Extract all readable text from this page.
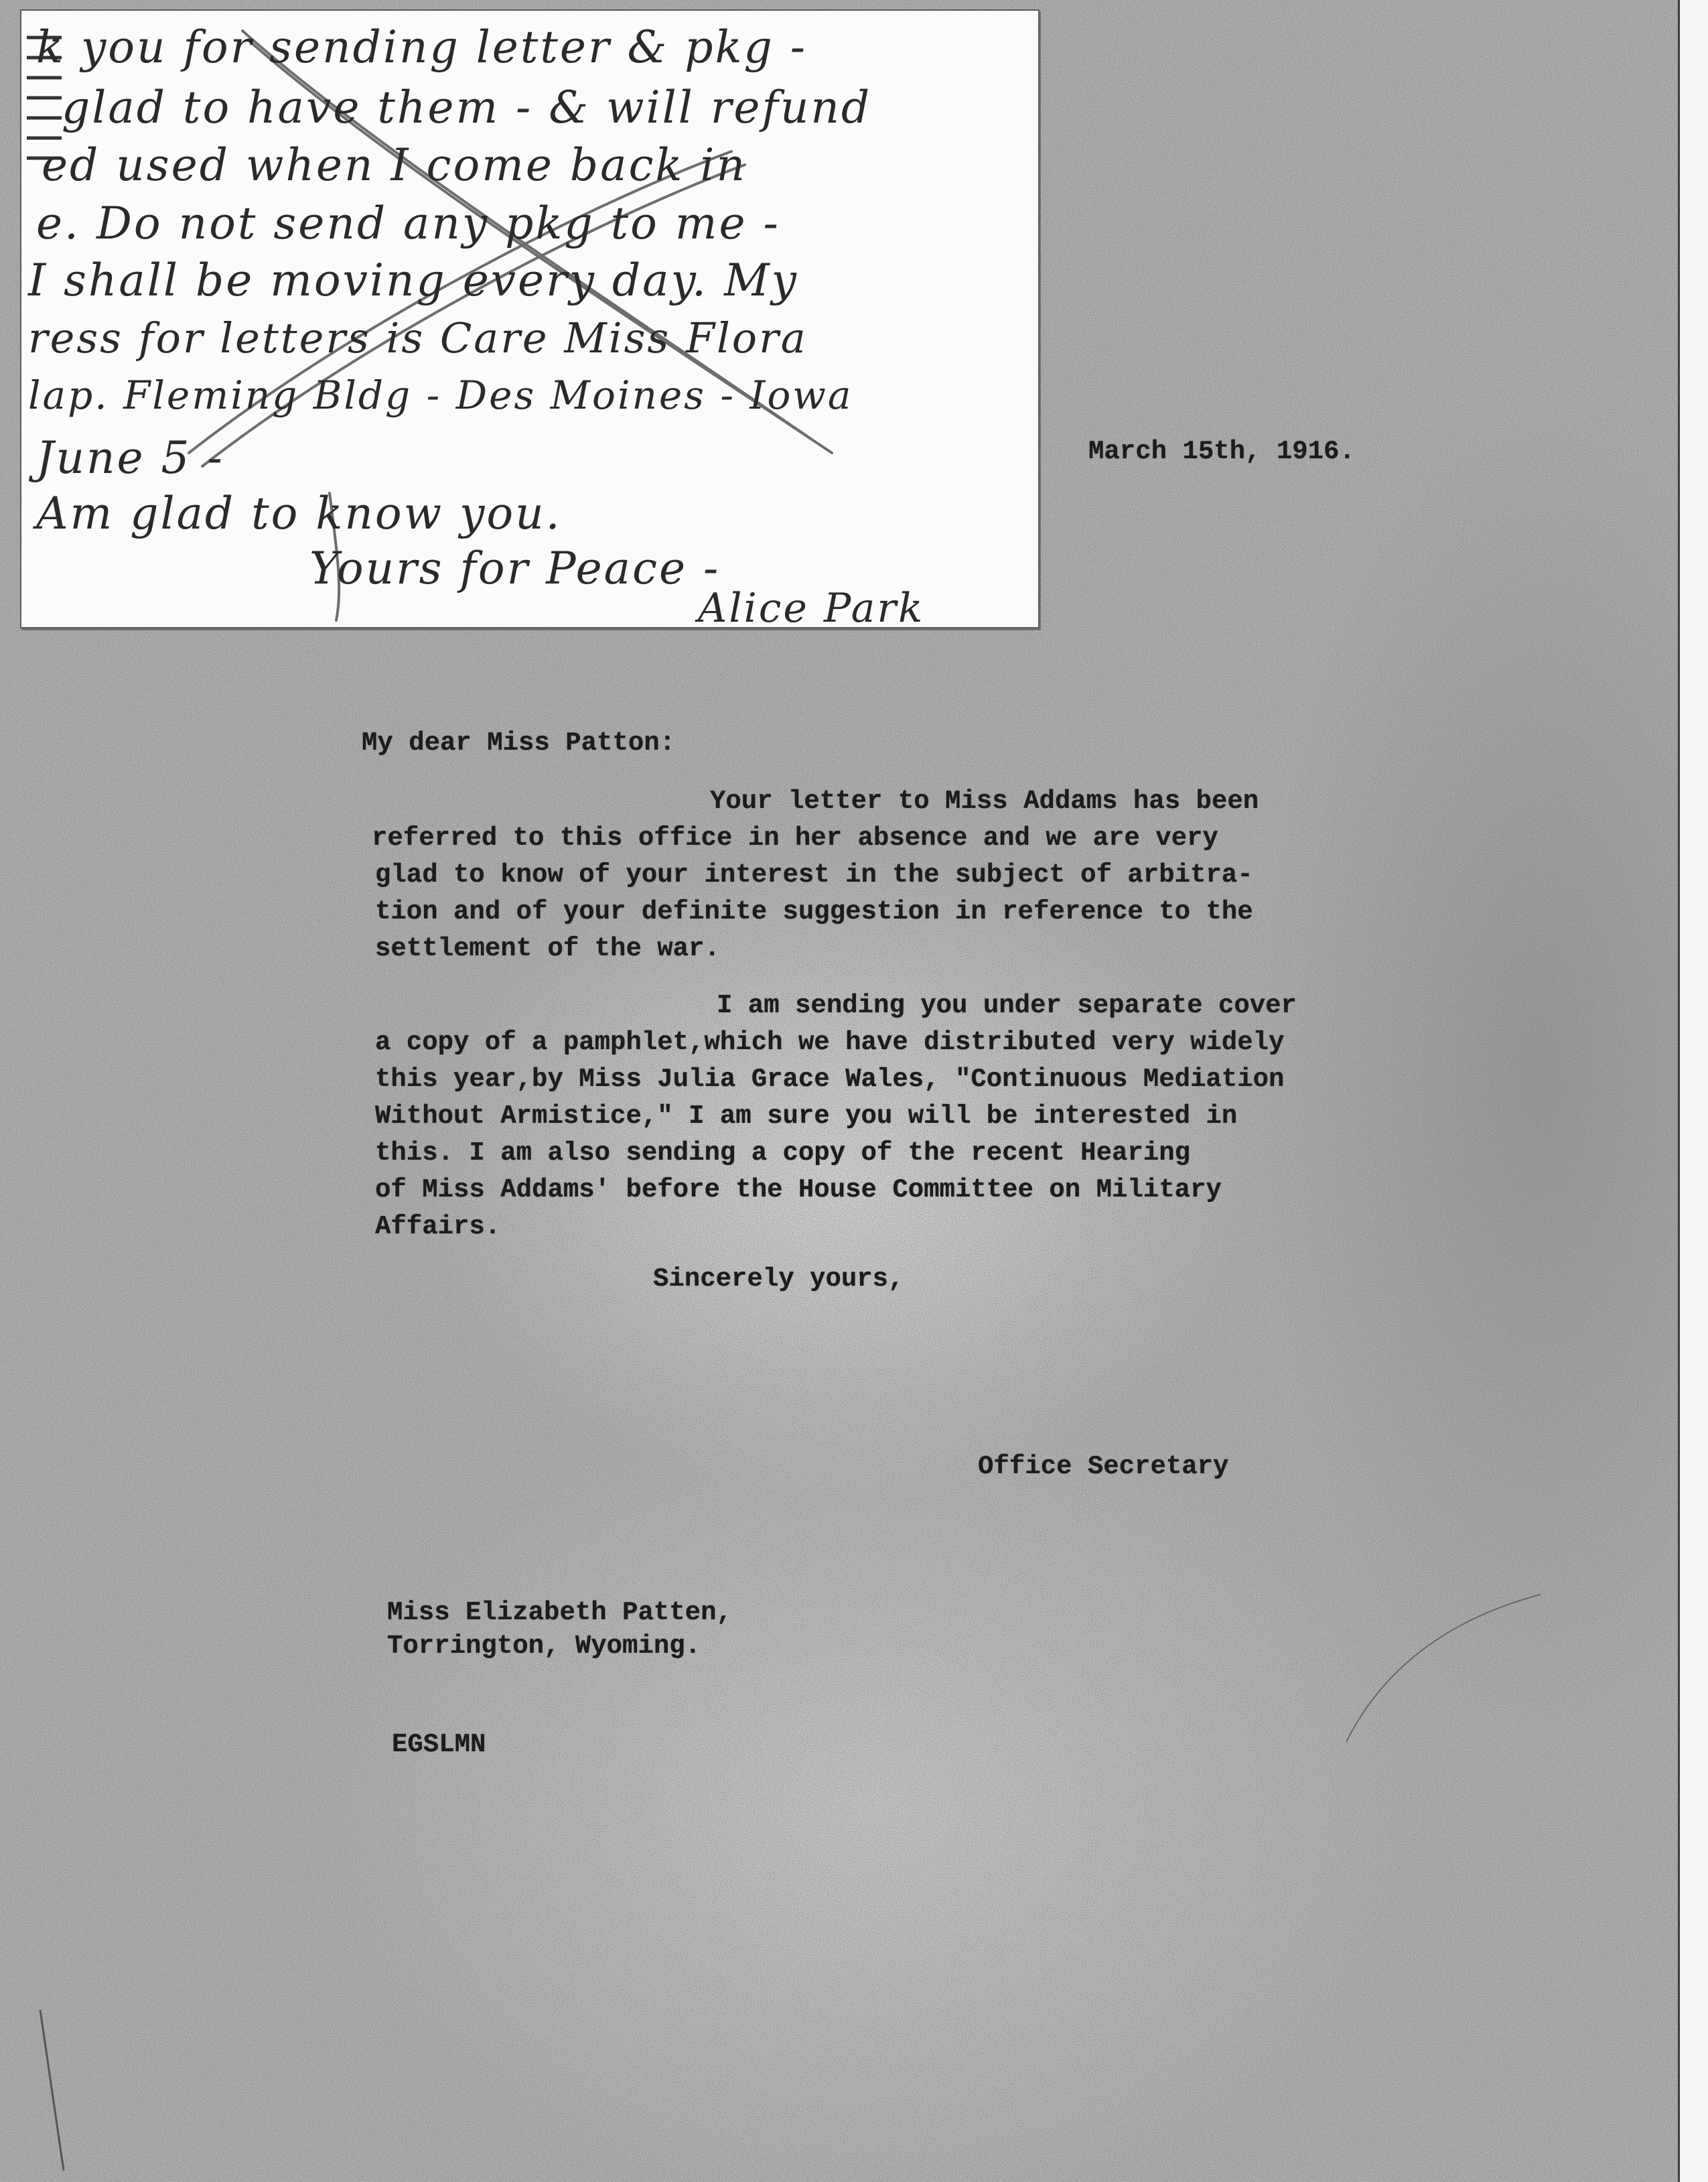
k you for sending letter & pkg -
glad to have them - & will refund
ed used when I come back in
e. Do not send any pkg to me -
I shall be moving every day. My
ress for letters is Care Miss Flora
lap. Fleming Bldg - Des Moines - Iowa
June 5 -
Am glad to know you.
Yours for Peace -
Alice Park
March 15th, 1916.
My dear Miss Patton:
Your letter to Miss Addams has been
referred to this office in her absence and we are very
glad to know of your interest in the subject of arbitra-
tion and of your definite suggestion in reference to the
settlement of the war.
I am sending you under separate cover
a copy of a pamphlet,which we have distributed very widely
this year,by Miss Julia Grace Wales, "Continuous Mediation
Without Armistice," I am sure you will be interested in
this. I am also sending a copy of the recent Hearing
of Miss Addams' before the House Committee on Military
Affairs.
Sincerely yours,
Office Secretary
Miss Elizabeth Patten,
Torrington, Wyoming.
EGSLMN
